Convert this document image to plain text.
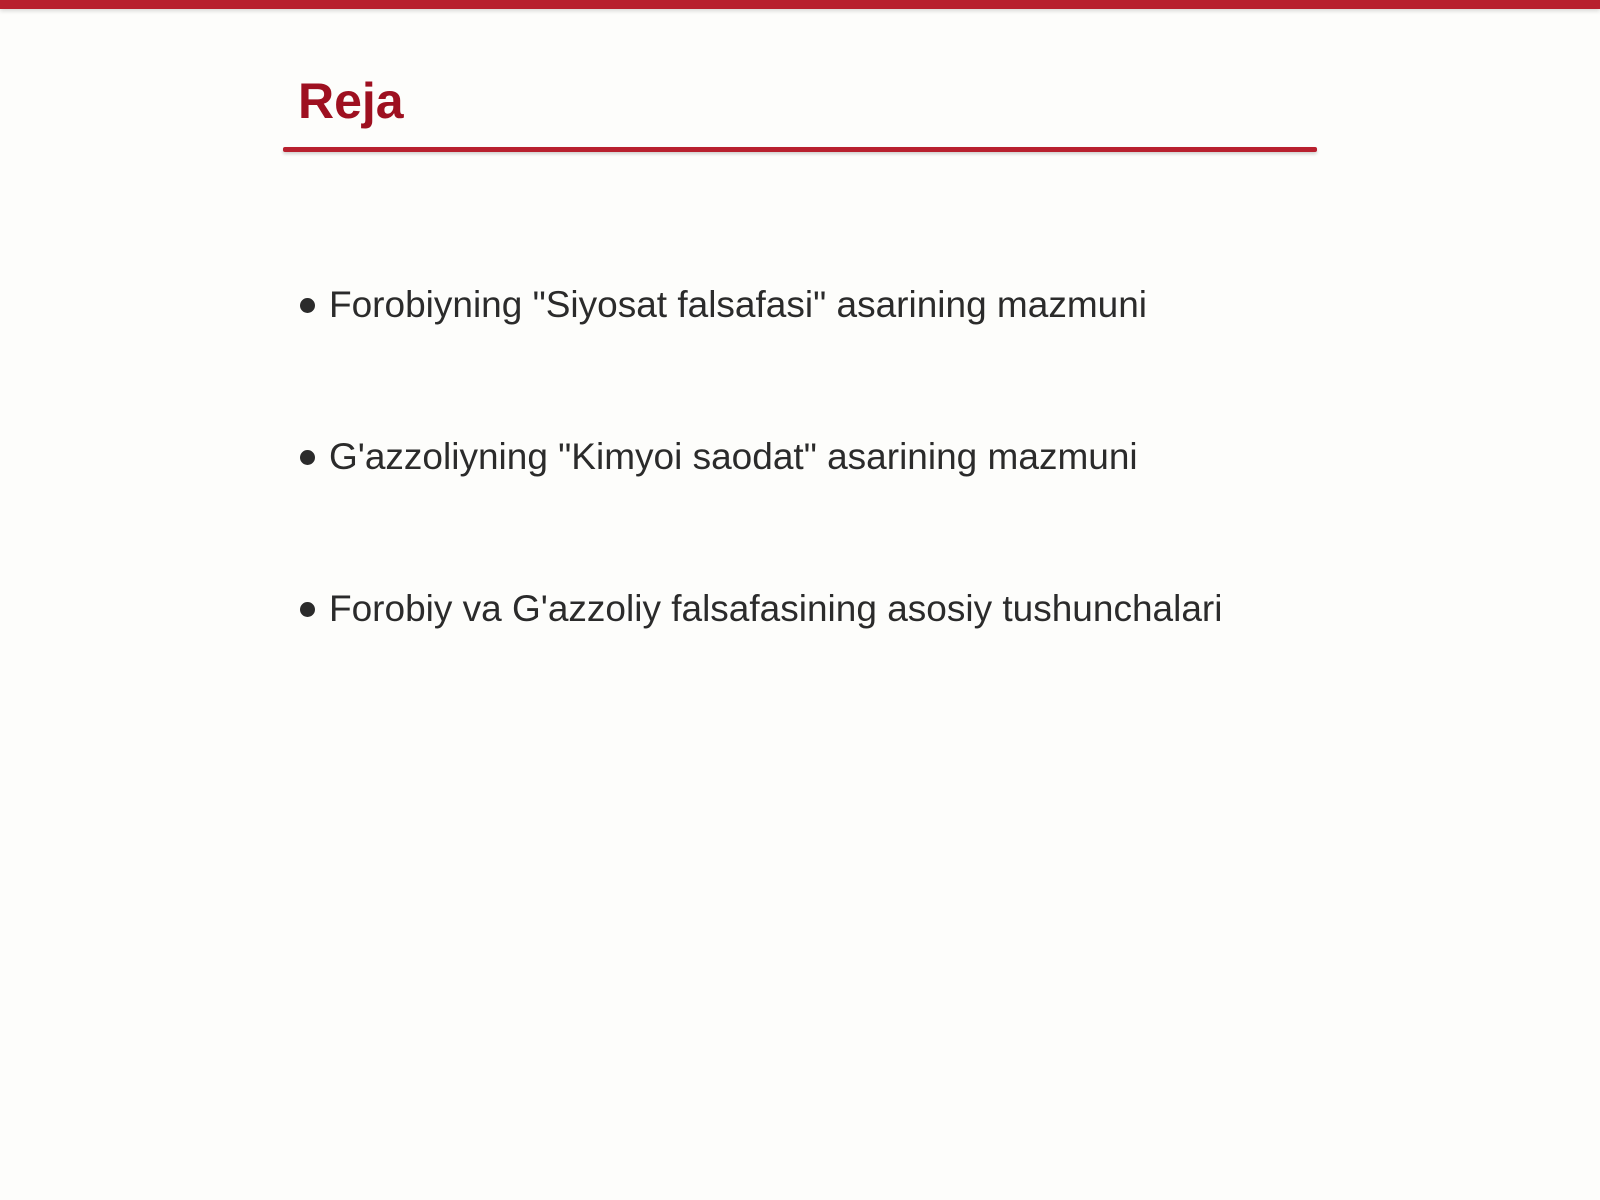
Reja
Forobiyning "Siyosat falsafasi" asarining mazmuni
G'azzoliyning "Kimyoi saodat" asarining mazmuni
Forobiy va G'azzoliy falsafasining asosiy tushunchalari
